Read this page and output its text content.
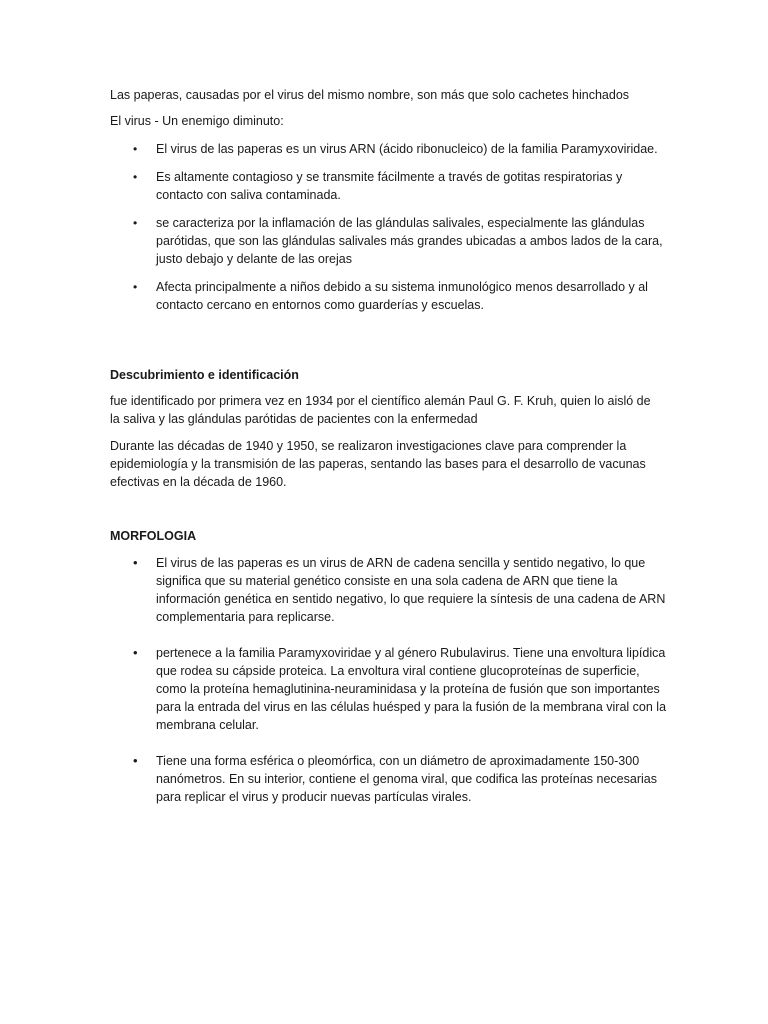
Las paperas, causadas por el virus del mismo nombre, son más que solo cachetes hinchados

El virus - Un enemigo diminuto:

• El virus de las paperas es un virus ARN (ácido ribonucleico) de la familia Paramyxoviridae.
• Es altamente contagioso y se transmite fácilmente a través de gotitas respiratorias y contacto con saliva contaminada.
• se caracteriza por la inflamación de las glándulas salivales, especialmente las glándulas parótidas, que son las glándulas salivales más grandes ubicadas a ambos lados de la cara, justo debajo y delante de las orejas
• Afecta principalmente a niños debido a su sistema inmunológico menos desarrollado y al contacto cercano en entornos como guarderías y escuelas.

Descubrimiento e identificación

fue identificado por primera vez en 1934 por el científico alemán Paul G. F. Kruh, quien lo aisló de la saliva y las glándulas parótidas de pacientes con la enfermedad

Durante las décadas de 1940 y 1950, se realizaron investigaciones clave para comprender la epidemiología y la transmisión de las paperas, sentando las bases para el desarrollo de vacunas efectivas en la década de 1960.

MORFOLOGIA

• El virus de las paperas es un virus de ARN de cadena sencilla y sentido negativo, lo que significa que su material genético consiste en una sola cadena de ARN que tiene la información genética en sentido negativo, lo que requiere la síntesis de una cadena de ARN complementaria para replicarse.
• pertenece a la familia Paramyxoviridae y al género Rubulavirus. Tiene una envoltura lipídica que rodea su cápside proteica. La envoltura viral contiene glucoproteínas de superficie, como la proteína hemaglutinina-neuraminidasa y la proteína de fusión que son importantes para la entrada del virus en las células huésped y para la fusión de la membrana viral con la membrana celular.
• Tiene una forma esférica o pleomórfica, con un diámetro de aproximadamente 150-300 nanómetros. En su interior, contiene el genoma viral, que codifica las proteínas necesarias para replicar el virus y producir nuevas partículas virales.
